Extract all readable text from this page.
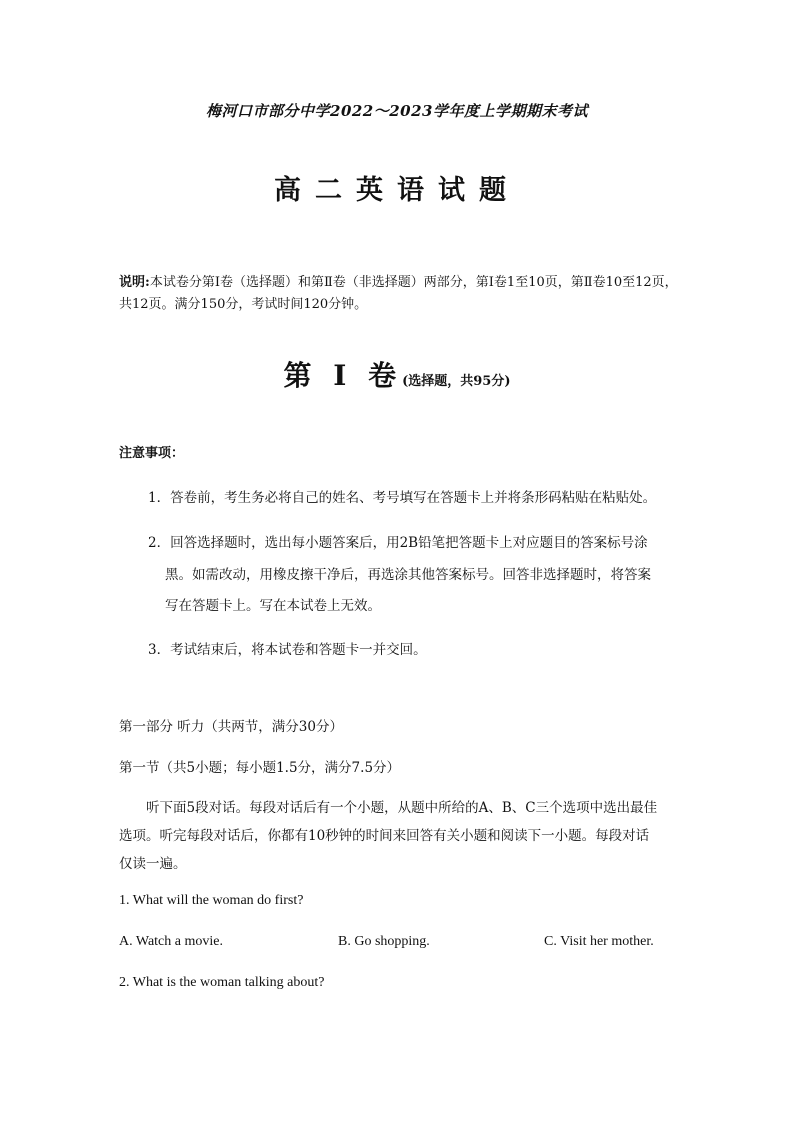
梅河口市部分中学2022～2023学年度上学期期末考试
高二英语试题
说明:本试卷分第Ⅰ卷（选择题）和第Ⅱ卷（非选择题）两部分，第Ⅰ卷1至10页，第Ⅱ卷10至12页，共12页。满分150分，考试时间120分钟。
第 Ⅰ 卷(选择题，共95分)
注意事项：
1．答卷前，考生务必将自己的姓名、考号填写在答题卡上并将条形码粘贴在粘贴处。
2．回答选择题时，选出每小题答案后，用2B铅笔把答题卡上对应题目的答案标号涂
黑。如需改动，用橡皮擦干净后，再选涂其他答案标号。回答非选择题时，将答案
写在答题卡上。写在本试卷上无效。
3．考试结束后，将本试卷和答题卡一并交回。
第一部分 听力（共两节，满分30分）
第一节（共5小题；每小题1.5分，满分7.5分）
听下面5段对话。每段对话后有一个小题，从题中所给的A、B、C三个选项中选出最佳
选项。听完每段对话后，你都有10秒钟的时间来回答有关小题和阅读下一小题。每段对话
仅读一遍。
1. What will the woman do first?
A. Watch a movie.	B. Go shopping.	C. Visit her mother.
2. What is the woman talking about?
